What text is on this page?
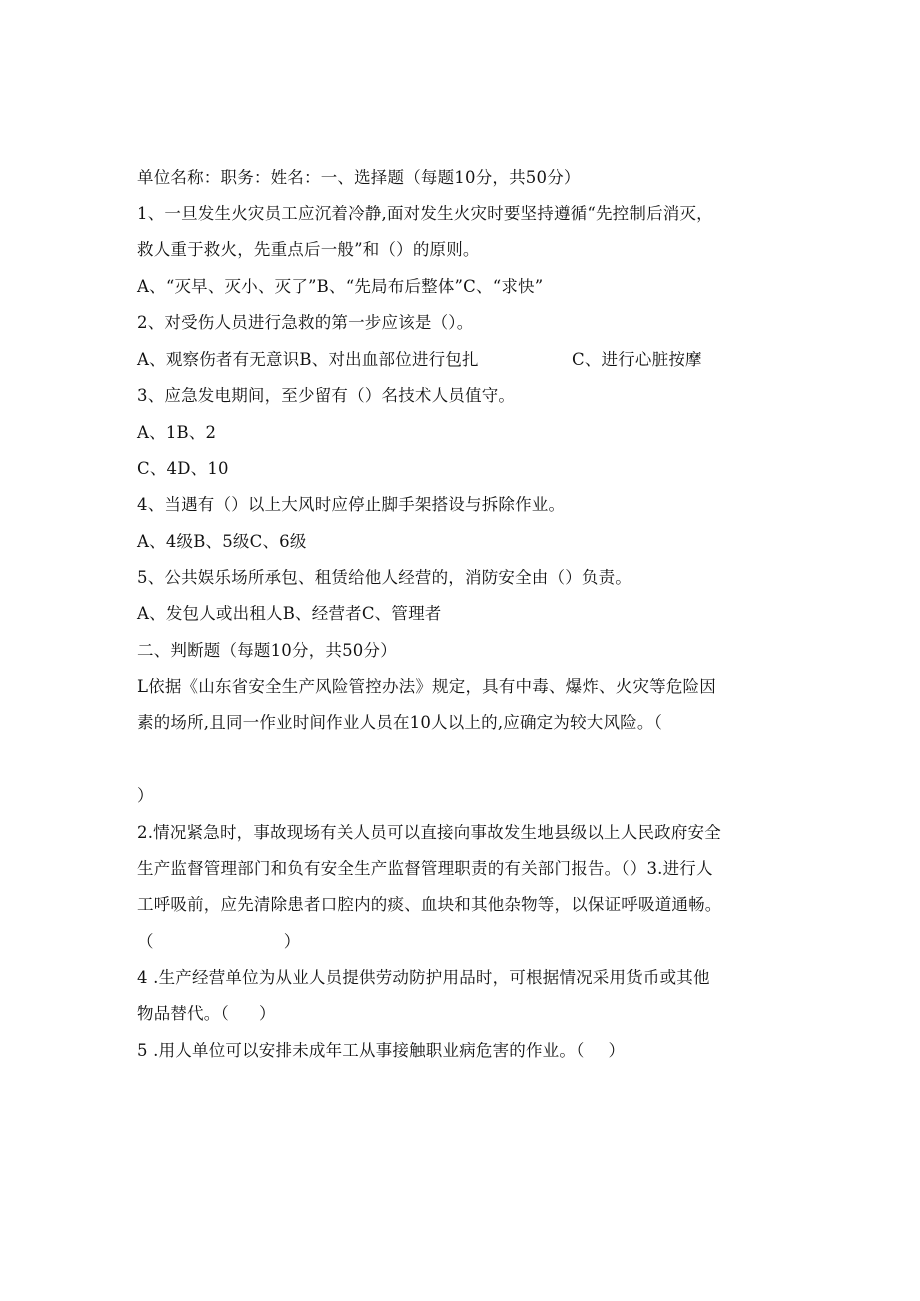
单位名称：职务：姓名：一、选择题（每题10分，共50分）
1、一旦发生火灾员工应沉着冷静,面对发生火灾时要坚持遵循“先控制后消灭，
救人重于救火，先重点后一般”和（）的原则。
A、“灭早、灭小、灭了”B、“先局布后整体”C、“求快”
2、对受伤人员进行急救的第一步应该是（）。
A、观察伤者有无意识B、对出血部位进行包扎	C、进行心脏按摩
3、应急发电期间，至少留有（）名技术人员值守。
A、1B、2
C、4D、10
4、当遇有（）以上大风时应停止脚手架搭设与拆除作业。
A、4级B、5级C、6级
5、公共娱乐场所承包、租赁给他人经营的，消防安全由（）负责。
A、发包人或出租人B、经营者C、管理者
二、判断题（每题10分，共50分）
L依据《山东省安全生产风险管控办法》规定，具有中毒、爆炸、火灾等危险因
素的场所,且同一作业时间作业人员在10人以上的,应确定为较大风险。（
）
2.情况紧急时，事故现场有关人员可以直接向事故发生地县级以上人民政府安全
生产监督管理部门和负有安全生产监督管理职责的有关部门报告。（）3.进行人
工呼吸前，应先清除患者口腔内的痰、血块和其他杂物等，以保证呼吸道通畅。
（	）
4 .生产经营单位为从业人员提供劳动防护用品时，可根据情况采用货币或其他
物品替代。（ ）
5 .用人单位可以安排未成年工从事接触职业病危害的作业。（ ）
